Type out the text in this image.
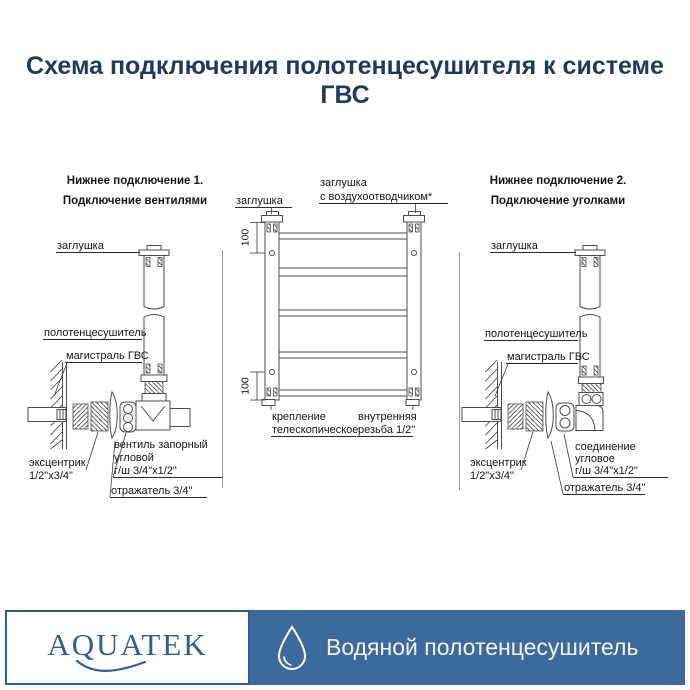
Схема подключения полотенцесушителя к системе ГВС
Нижнее подключение 1.
Подключение вентилями
заглушка
полотенцесушитель
магистраль ГВС
эксцентрик
1/2"x3/4"
вентиль запорный
угловой
г/ш 3/4"x1/2"
отражатель 3/4"
100
100
заглушка
заглушка
с воздухоотводчиком*
крепление
телескопическое
внутренняя
резьба 1/2"
Нижнее подключение 2.
Подключение уголками
заглушка
полотенцесушитель
магистраль ГВС
эксцентрик
1/2"x3/4"
соединение
угловое
г/ш 3/4"x1/2"
отражатель 3/4"
AQUATEK	Водяной полотенцесушитель
